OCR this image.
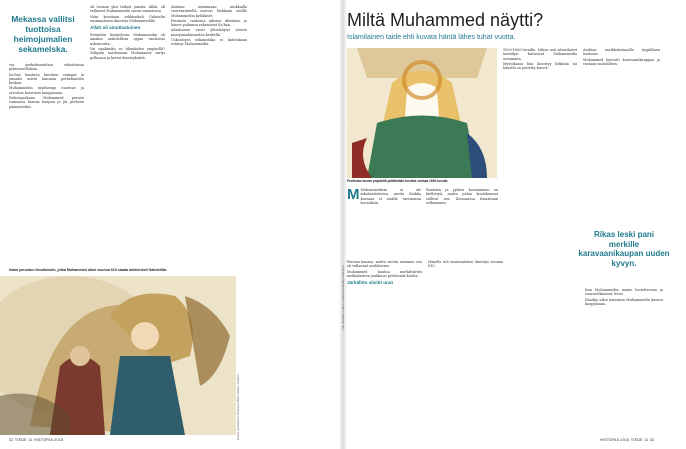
Mekassa vallitsi tuottoisa heimojumalien sekamelska.

vat perhekunnittain viikoittaisia pyhiinvaelluksia.

Ka'ban kuutiota kiertäen vainajat ja jumalat saivat kunnian perhekuntien kesken.

Muhammedin myöhempi nuoruus ja arvostus kasvoivat kauppiaana.

Esikoispoikana Muhammed perusti vaimonsa kanssa kaupan ja jäi perheen päämieheksi.

oli tosiaan yksi tärkeä jumala. Allah, oli vallinnut Muhammedin suvun sanastossa.

Näin kuvataan arkkienkeli Gabrielin ensimmäinen ilmestys Muhammedille.

Allah oli ainutlaatuinen

Eremiitin läsnäolossa Muhammedin oli ainakin mahdollista oppia vanhoista uskontoista.

Vai upahtuiko se tilienkiden ympärillä? Näkymä saadessaan Muhammed siirtyi polkuaan ja kertoi ilmestyksistä.

Arabian niemimaan asukkailla vuorenrinteillä asuivat Mekkaan sisälle Muhammedin kyläläiset.

Perinnön vanhoina aikoina Abraham ja hänen poikansa rakensivat Ka'ban.

Abrahamin viesti ylitsekäytyi alueen monijumalaisuuden keskellä.

Uskontojen sekamelska ei kuitenkaan estänyt Muhammedia.

Islam perustuu ilmoituksiin, jotka Muhammed alkoi vuonna 610 saada arkkienkeli Gabrielilta.
Kuvat: Aamulehti / Pressens Bild / Scala / Topfoto
32 TIEDE 11 HISTORIA 2015
Miltä Muhammed näytti?
Islamilainen taide ehti kuvata häntä lähes tuhat vuotta.
Profeetan kuvan ympärillä peittämään kuvista vanhaa 1500-luvulla.
M Muhammedista ei ole aikalaisitetietoa, mutta Kaikka Koraani ei sisällä varsinaisia kuvauksia.
Ihmisten ja pyhien kuvaaminen on kiellettyä, mutta jotkin koulukunnat sallivat sen. Koraanissa ilmaistaan selkeimmin.

1500-1600-luvuilla. Siihen asti islamilaiset taiteilijat kuvasivat Muhammedia useammin.

Mystiikassa hän ilmestyy liekkinä tai häneltä on peitetty kasvot.

Arabian aavikkoheimoille tyypillinen koulutus.

Muhammed kasvatti karavaanikauppaa ja vastaan isoäidilleen.

Persian kanssa, mutta vuotta aiemmin sen oli vallannut arabiheimo.

Muhammed kuuluu merkittävien mekkalaisten joukkoon perheensä kautta.

Järkälitto siivitti uran

Hänelle tuli ensimmäinen ilmestys vuonna 610.

The Kinsbury Library Collection Khalili Collection
Rikas leski pani merkille karavaanikaupan uuden kyvyn.

Kun Muhammedin maine luotettavana ja suoraselkäisenä levisi.

Khadija aikoi naimisiin Muhammedin kanssa kauppiaana.

HISTORIA 2015 TIEDE 11 33
